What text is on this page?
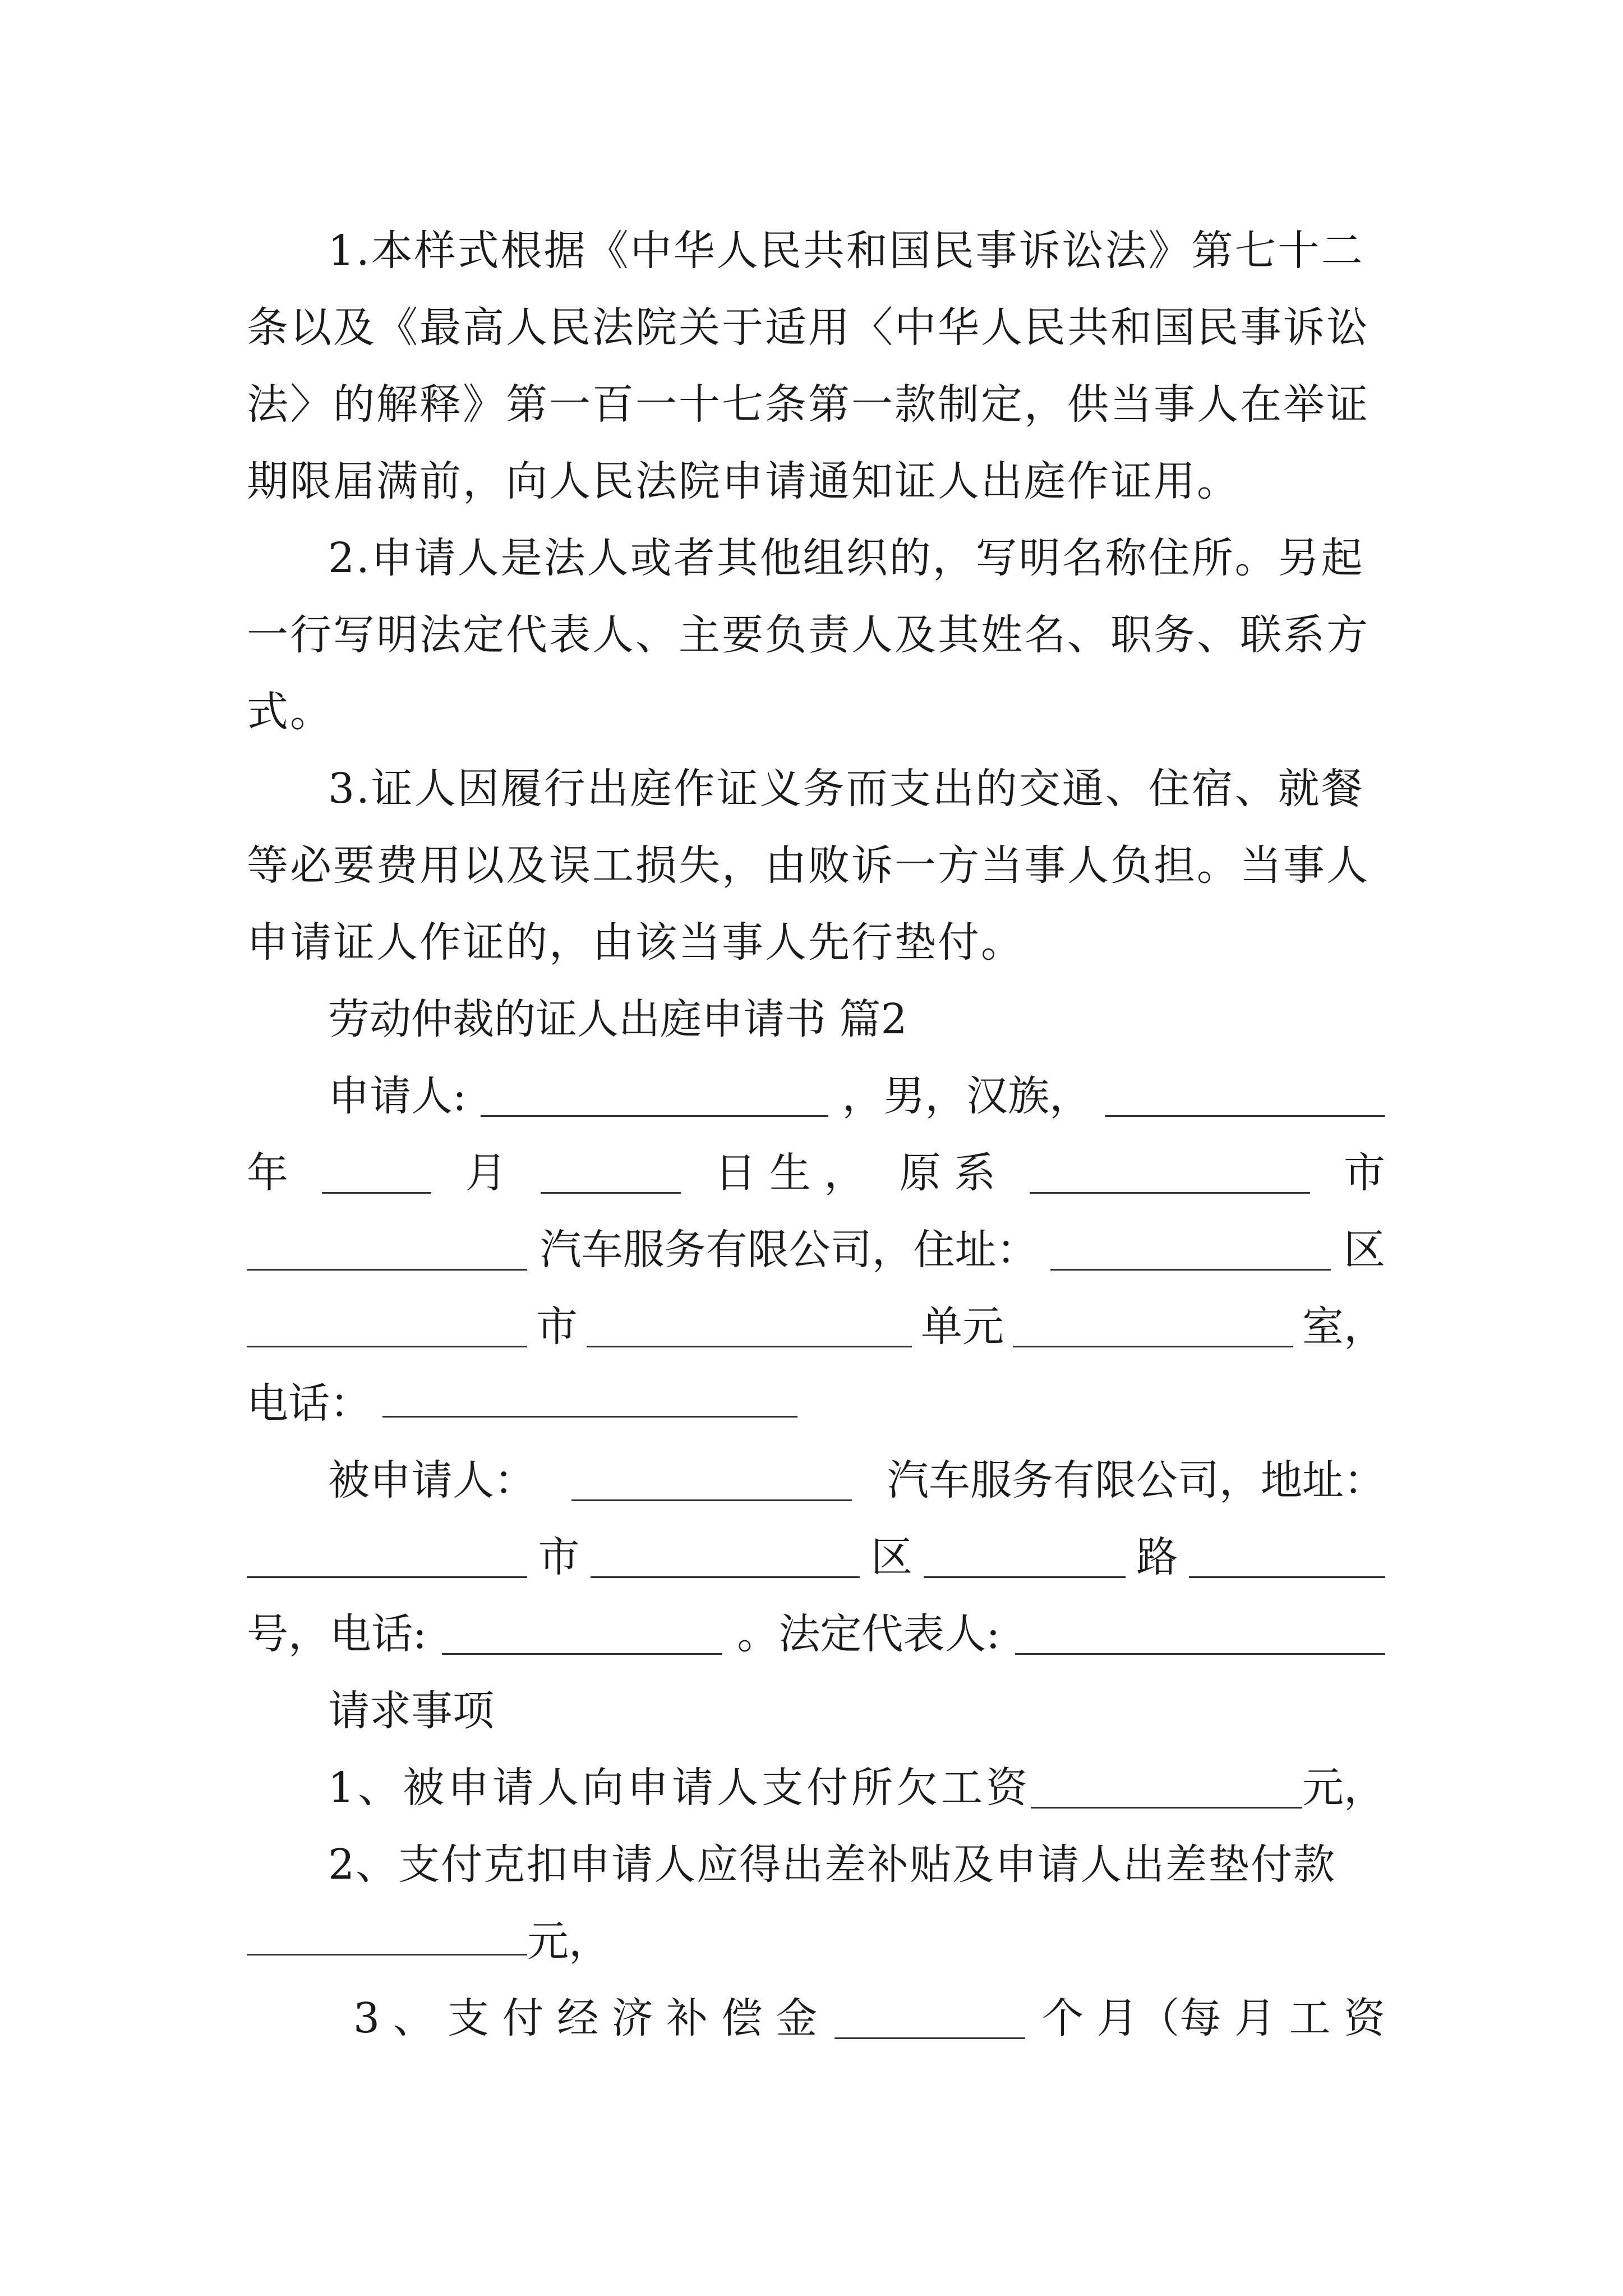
1.本样式根据《中华人民共和国民事诉讼法》第七十二
条以及《最高人民法院关于适用〈中华人民共和国民事诉讼
法〉的解释》第一百一十七条第一款制定，供当事人在举证
期限届满前，向人民法院申请通知证人出庭作证用。
2.申请人是法人或者其他组织的，写明名称住所。另起
一行写明法定代表人、主要负责人及其姓名、职务、联系方
式。
3.证人因履行出庭作证义务而支出的交通、住宿、就餐
等必要费用以及误工损失，由败诉一方当事人负担。当事人
申请证人作证的，由该当事人先行垫付。
劳动仲裁的证人出庭申请书 篇2
申请人:	，男，汉族，
年	月	日 生 ， 原 系	市
汽车服务有限公司，住址：	区
市	单元	室，
电话：
被申请人：	汽车服务有限公司，地址：
市	区	路
号，电话:	。法定代表人:
请求事项
1、被申请人向申请人支付所欠工资	元，
2、支付克扣申请人应得出差补贴及申请人出差垫付款
元，
3 、 支 付 经 济 补 偿 金	个 月（每 月 工 资
